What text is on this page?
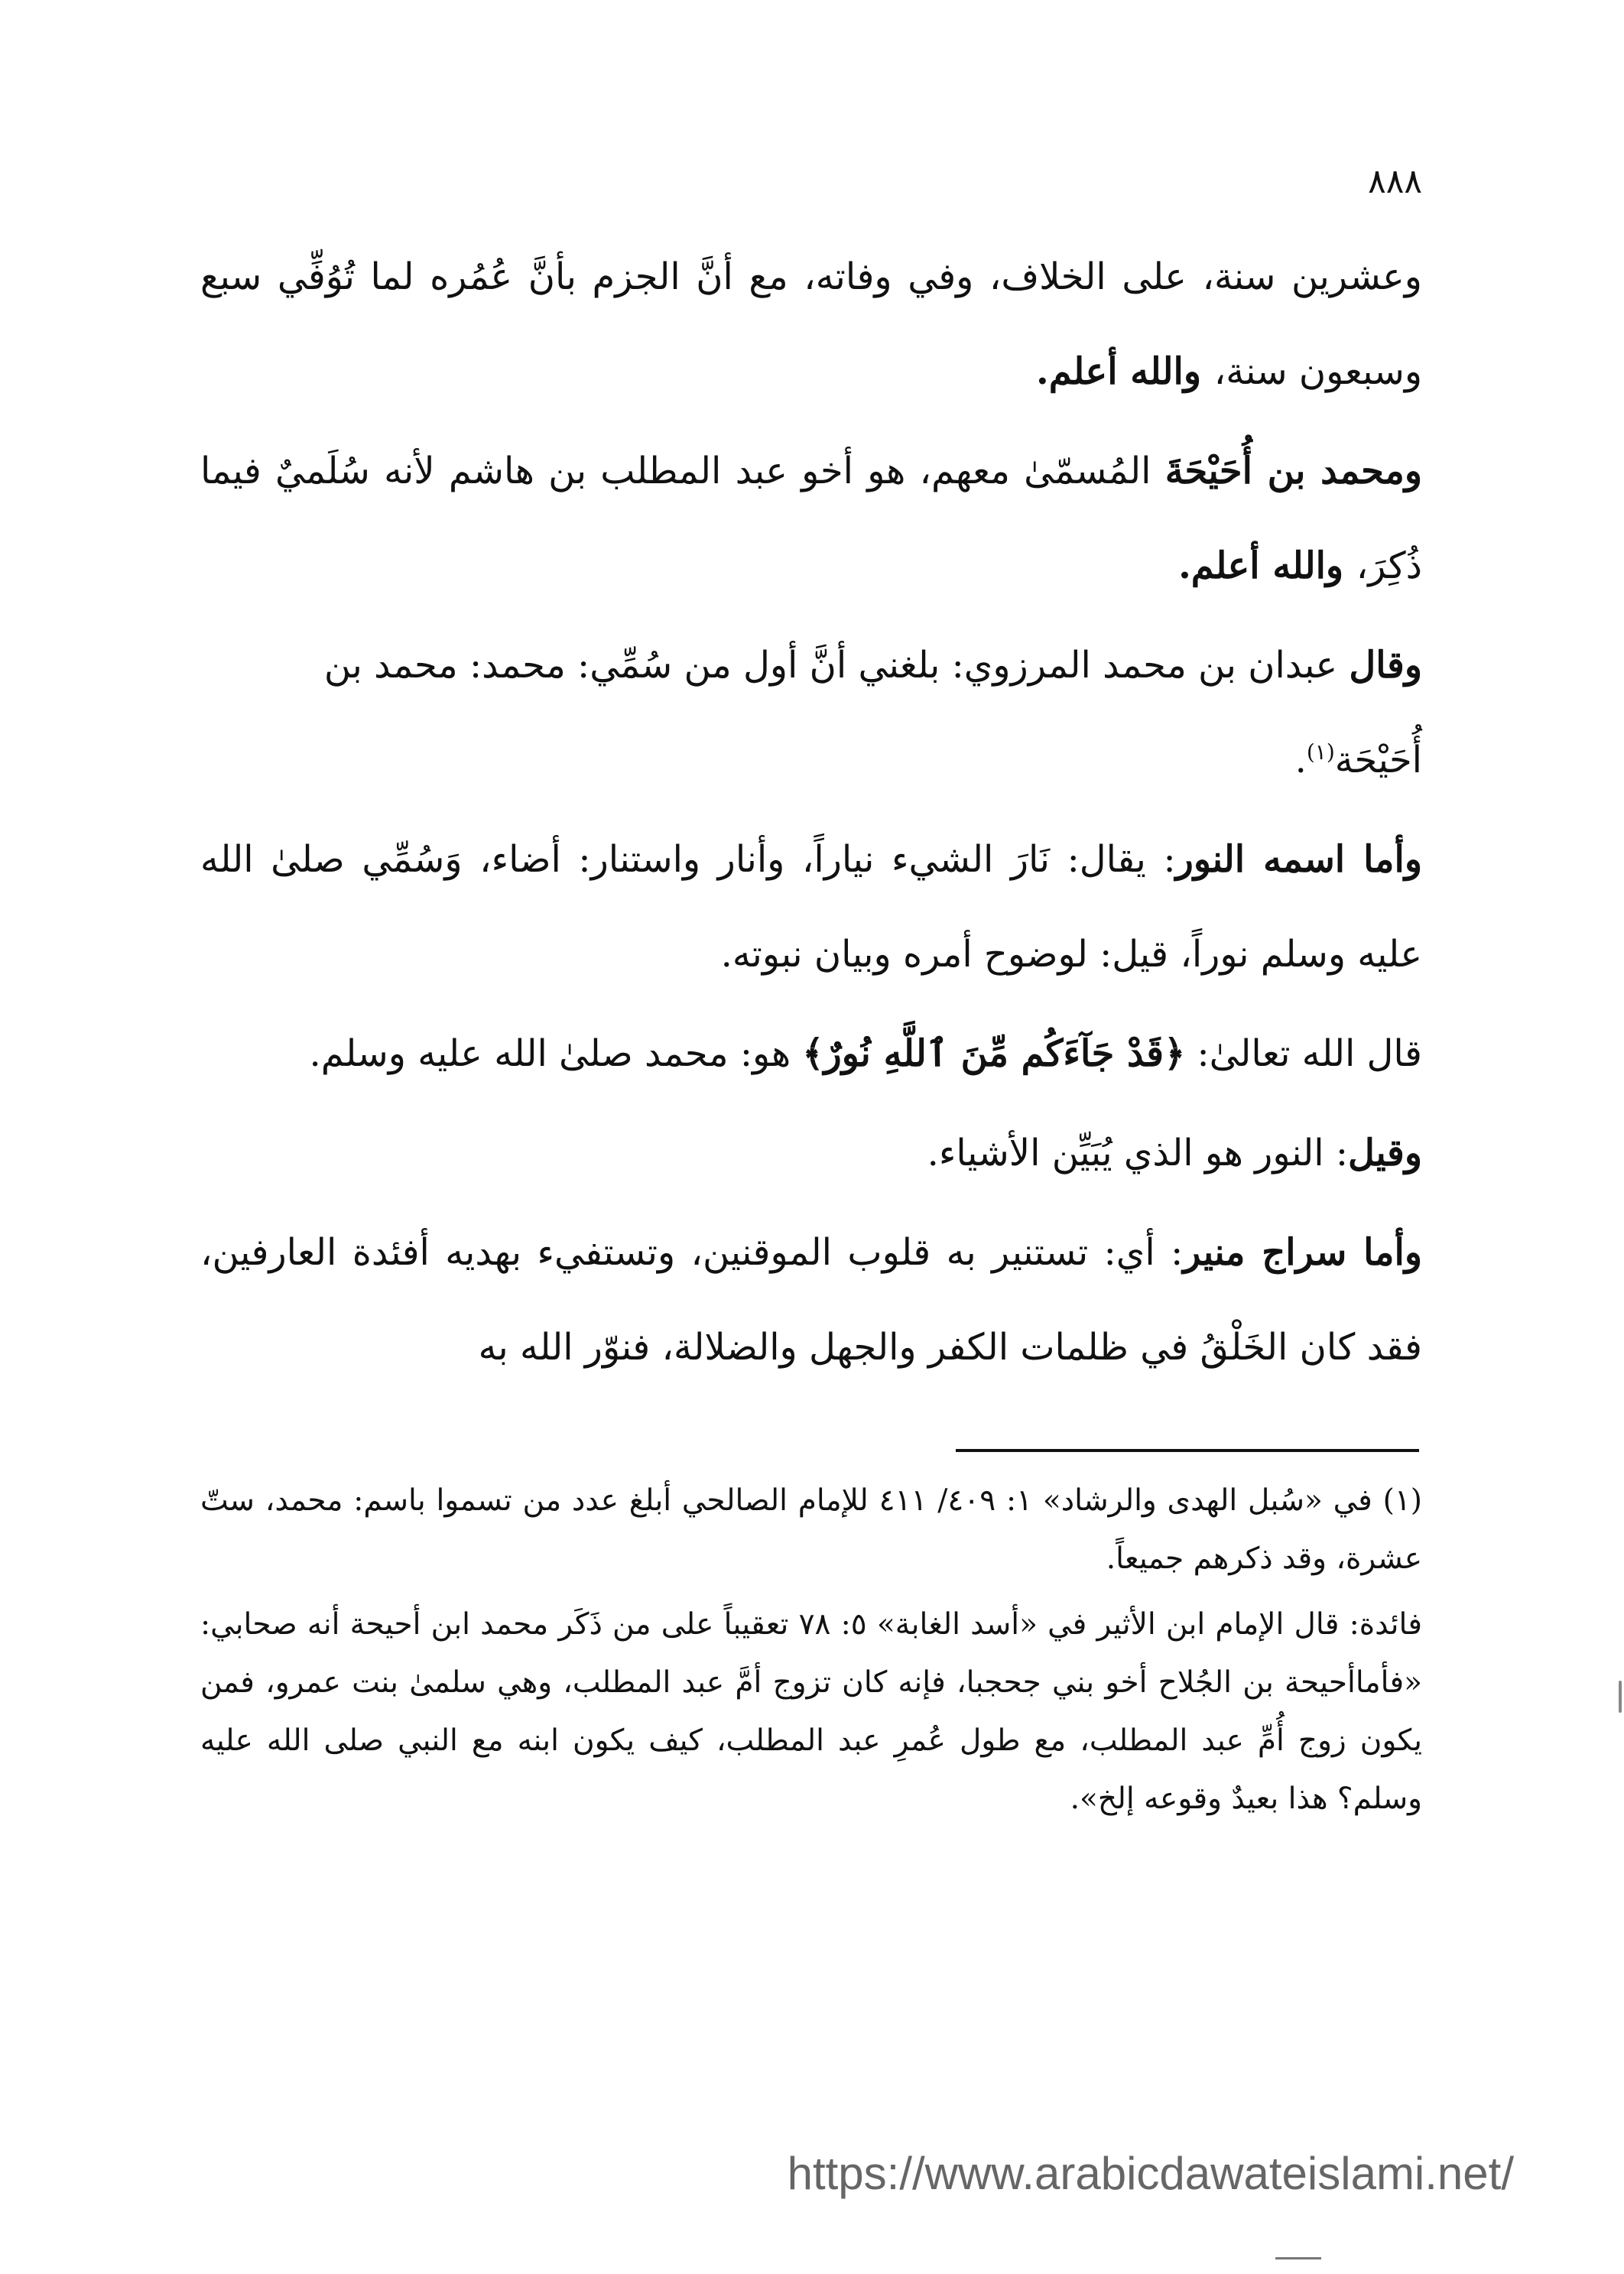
٨٨٨

وعشرين سنة، على الخلاف، وفي وفاته، مع أنَّ الجزم بأنَّ عُمُره لما تُوُفِّي سبع وسبعون سنة، والله أعلم.

ومحمد بن أُحَيْحَةَ المُسمّىٰ معهم، هو أخو عبد المطلب بن هاشم لأنه سُلَميٌ فيما ذُكِرَ، والله أعلم.

وقال عبدان بن محمد المرزوي: بلغني أنَّ أول من سُمِّي: محمد: محمد بن أُحَيْحَة$^{(١)}$.

وأما اسمه النور: يقال: نَارَ الشيء نياراً، وأنار واستنار: أضاء، وَسُمِّي صلىٰ الله عليه وسلم نوراً، قيل: لوضوح أمره وبيان نبوته.

قال الله تعالىٰ: ﴿قَدْ جَآءَكُم مِّنَ ٱللَّهِ نُورٌ﴾ هو: محمد صلىٰ الله عليه وسلم.

وقيل: النور هو الذي يُبَيِّن الأشياء.

وأما سراج منير: أي: تستنير به قلوب الموقنين، وتستفيء بهديه أفئدة العارفين، فقد كان الخَلْقُ في ظلمات الكفر والجهل والضلالة، فنوّر الله به

(١) في «سُبل الهدى والرشاد» ١: ٤٠٩/ ٤١١ للإمام الصالحي أبلغ عدد من تسموا باسم: محمد، ستّ عشرة، وقد ذكرهم جميعاً.

فائدة: قال الإمام ابن الأثير في «أسد الغابة» ٥: ٧٨ تعقيباً على من ذَكَر محمد ابن أحيحة أنه صحابي: «فأماأحيحة بن الجُلاح أخو بني جحجبا، فإنه كان تزوج أمَّ عبد المطلب، وهي سلمىٰ بنت عمرو، فمن يكون زوج أُمِّ عبد المطلب، مع طول عُمرِ عبد المطلب، كيف يكون ابنه مع النبي صلى الله عليه وسلم؟ هذا بعيدٌ وقوعه إلخ».

https://www.arabicdawateislami.net/
